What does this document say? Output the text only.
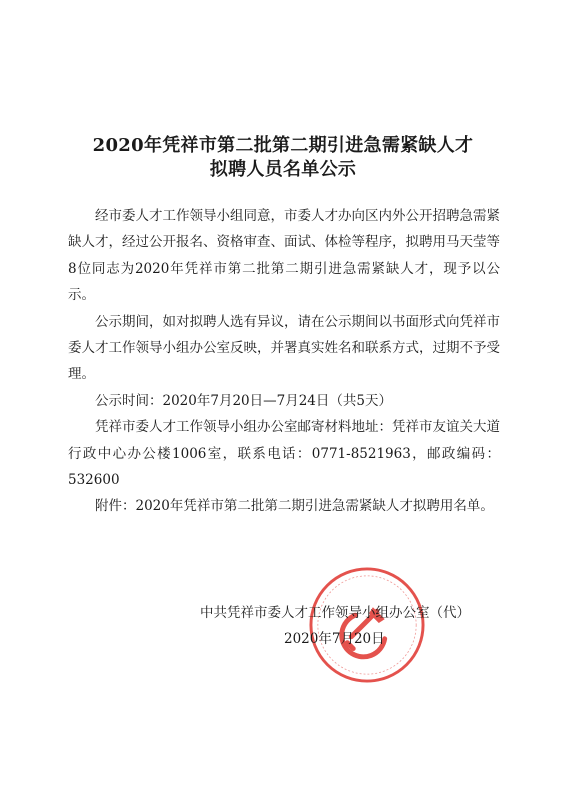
2020年凭祥市第二批第二期引进急需紧缺人才
拟聘人员名单公示

经市委人才工作领导小组同意，市委人才办向区内外公开招聘急需紧缺人才，经过公开报名、资格审查、面试、体检等程序，拟聘用马天莹等8位同志为2020年凭祥市第二批第二期引进急需紧缺人才，现予以公示。

公示期间，如对拟聘人选有异议，请在公示期间以书面形式向凭祥市委人才工作领导小组办公室反映，并署真实姓名和联系方式，过期不予受理。

公示时间：2020年7月20日—7月24日（共5天）

凭祥市委人才工作领导小组办公室邮寄材料地址：凭祥市友谊关大道行政中心办公楼1006室，联系电话：0771-8521963，邮政编码：532600

附件：2020年凭祥市第二批第二期引进急需紧缺人才拟聘用名单。

中共凭祥市委人才工作领导小组办公室（代）
2020年7月20日
